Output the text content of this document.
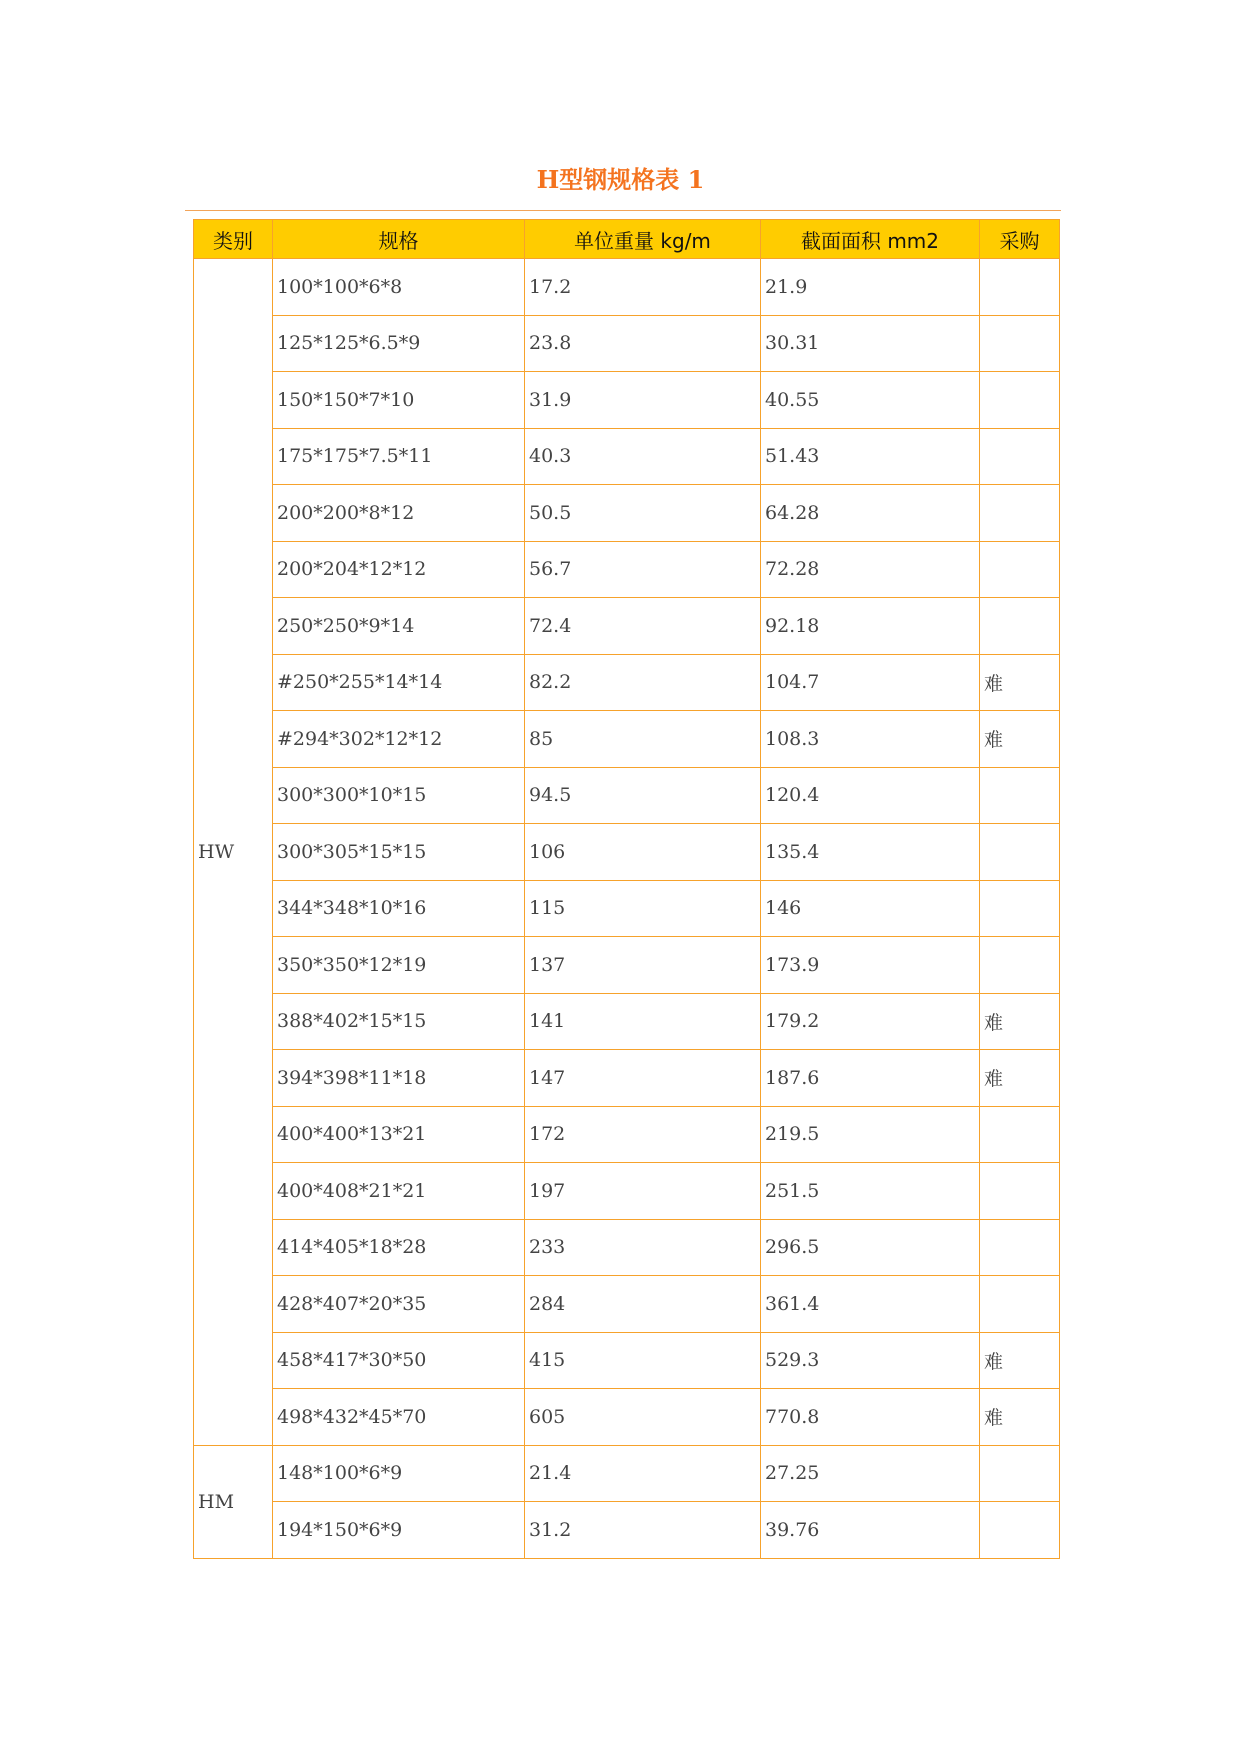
H型钢规格表 1
类别	规格	单位重量 kg/m	截面面积 mm2	采购
HW	100*100*6*8	17.2	21.9	
	125*125*6.5*9	23.8	30.31	
	150*150*7*10	31.9	40.55	
	175*175*7.5*11	40.3	51.43	
	200*200*8*12	50.5	64.28	
	200*204*12*12	56.7	72.28	
	250*250*9*14	72.4	92.18	
	#250*255*14*14	82.2	104.7	难
	#294*302*12*12	85	108.3	难
	300*300*10*15	94.5	120.4	
	300*305*15*15	106	135.4	
	344*348*10*16	115	146	
	350*350*12*19	137	173.9	
	388*402*15*15	141	179.2	难
	394*398*11*18	147	187.6	难
	400*400*13*21	172	219.5	
	400*408*21*21	197	251.5	
	414*405*18*28	233	296.5	
	428*407*20*35	284	361.4	
	458*417*30*50	415	529.3	难
	498*432*45*70	605	770.8	难
HM	148*100*6*9	21.4	27.25	
	194*150*6*9	31.2	39.76	
